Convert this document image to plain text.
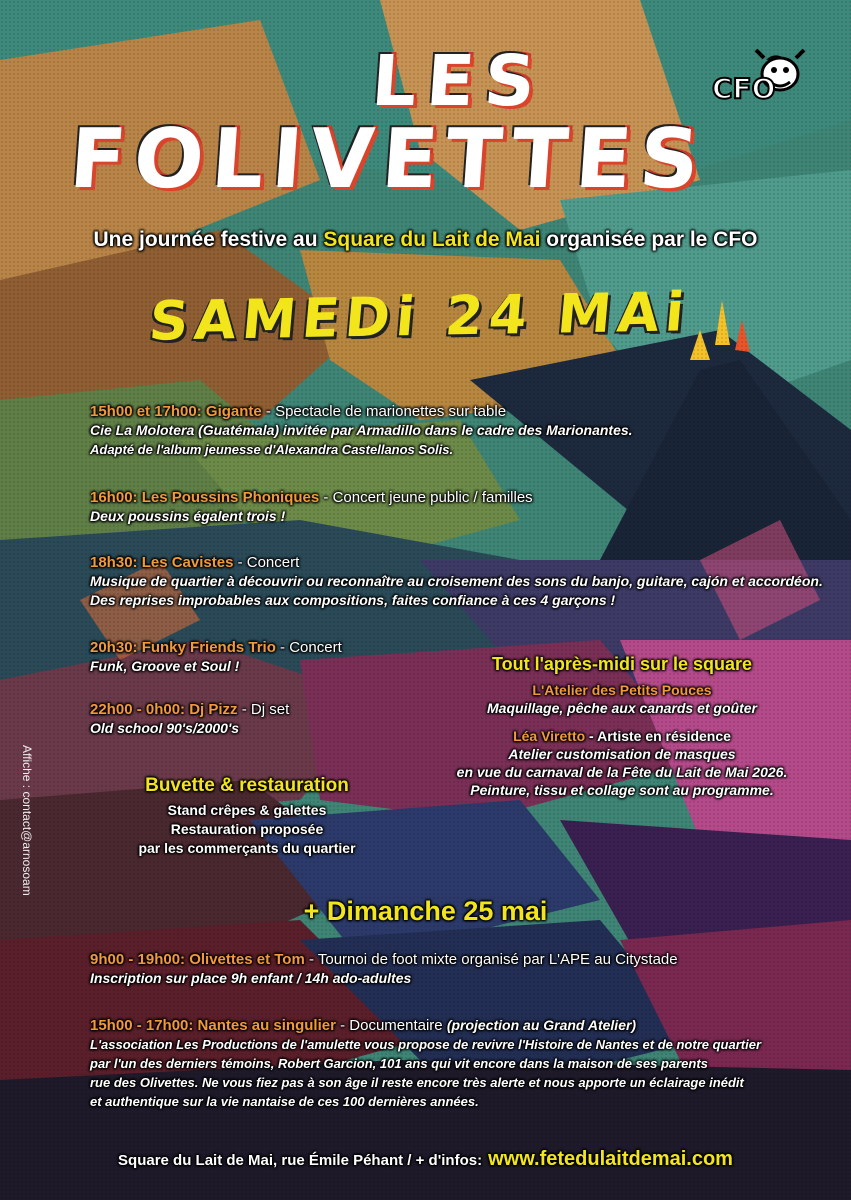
LES
FOLIVETTES
CFO
Une journée festive au Square du Lait de Mai organisée par le CFO
SAMEDi 24 MAi
15h00 et 17h00: Gigante - Spectacle de marionettes sur table
Cie La Molotera (Guatémala) invitée par Armadillo dans le cadre des Marionantes.
Adapté de l'album jeunesse d'Alexandra Castellanos Solis.
16h00: Les Poussins Phoniques - Concert jeune public / familles
Deux poussins égalent trois !
18h30: Les Cavistes - Concert
Musique de quartier à découvrir ou reconnaître au croisement des sons du banjo, guitare, cajón et accordéon.
Des reprises improbables aux compositions, faites confiance à ces 4 garçons !
20h30: Funky Friends Trio - Concert
Funk, Groove et Soul !
22h00 - 0h00: Dj Pizz - Dj set
Old school 90's/2000's
Tout l'après-midi sur le square
L'Atelier des Petits Pouces
Maquillage, pêche aux canards et goûter
Léa Viretto - Artiste en résidence
Atelier customisation de masques
en vue du carnaval de la Fête du Lait de Mai 2026.
Peinture, tissu et collage sont au programme.
Buvette & restauration
Stand crêpes & galettes
Restauration proposée
par les commerçants du quartier
Affiche : contact@arnosoam
+ Dimanche 25 mai
9h00 - 19h00: Olivettes et Tom - Tournoi de foot mixte organisé par L'APE au Citystade
Inscription sur place 9h enfant / 14h ado-adultes
15h00 - 17h00: Nantes au singulier - Documentaire (projection au Grand Atelier)
L'association Les Productions de l'amulette vous propose de revivre l'Histoire de Nantes et de notre quartier
par l'un des derniers témoins, Robert Garcion, 101 ans qui vit encore dans la maison de ses parents
rue des Olivettes. Ne vous fiez pas à son âge il reste encore très alerte et nous apporte un éclairage inédit
et authentique sur la vie nantaise de ces 100 dernières années.
Square du Lait de Mai, rue Émile Péhant / + d'infos: www.fetedulaitdemai.com
